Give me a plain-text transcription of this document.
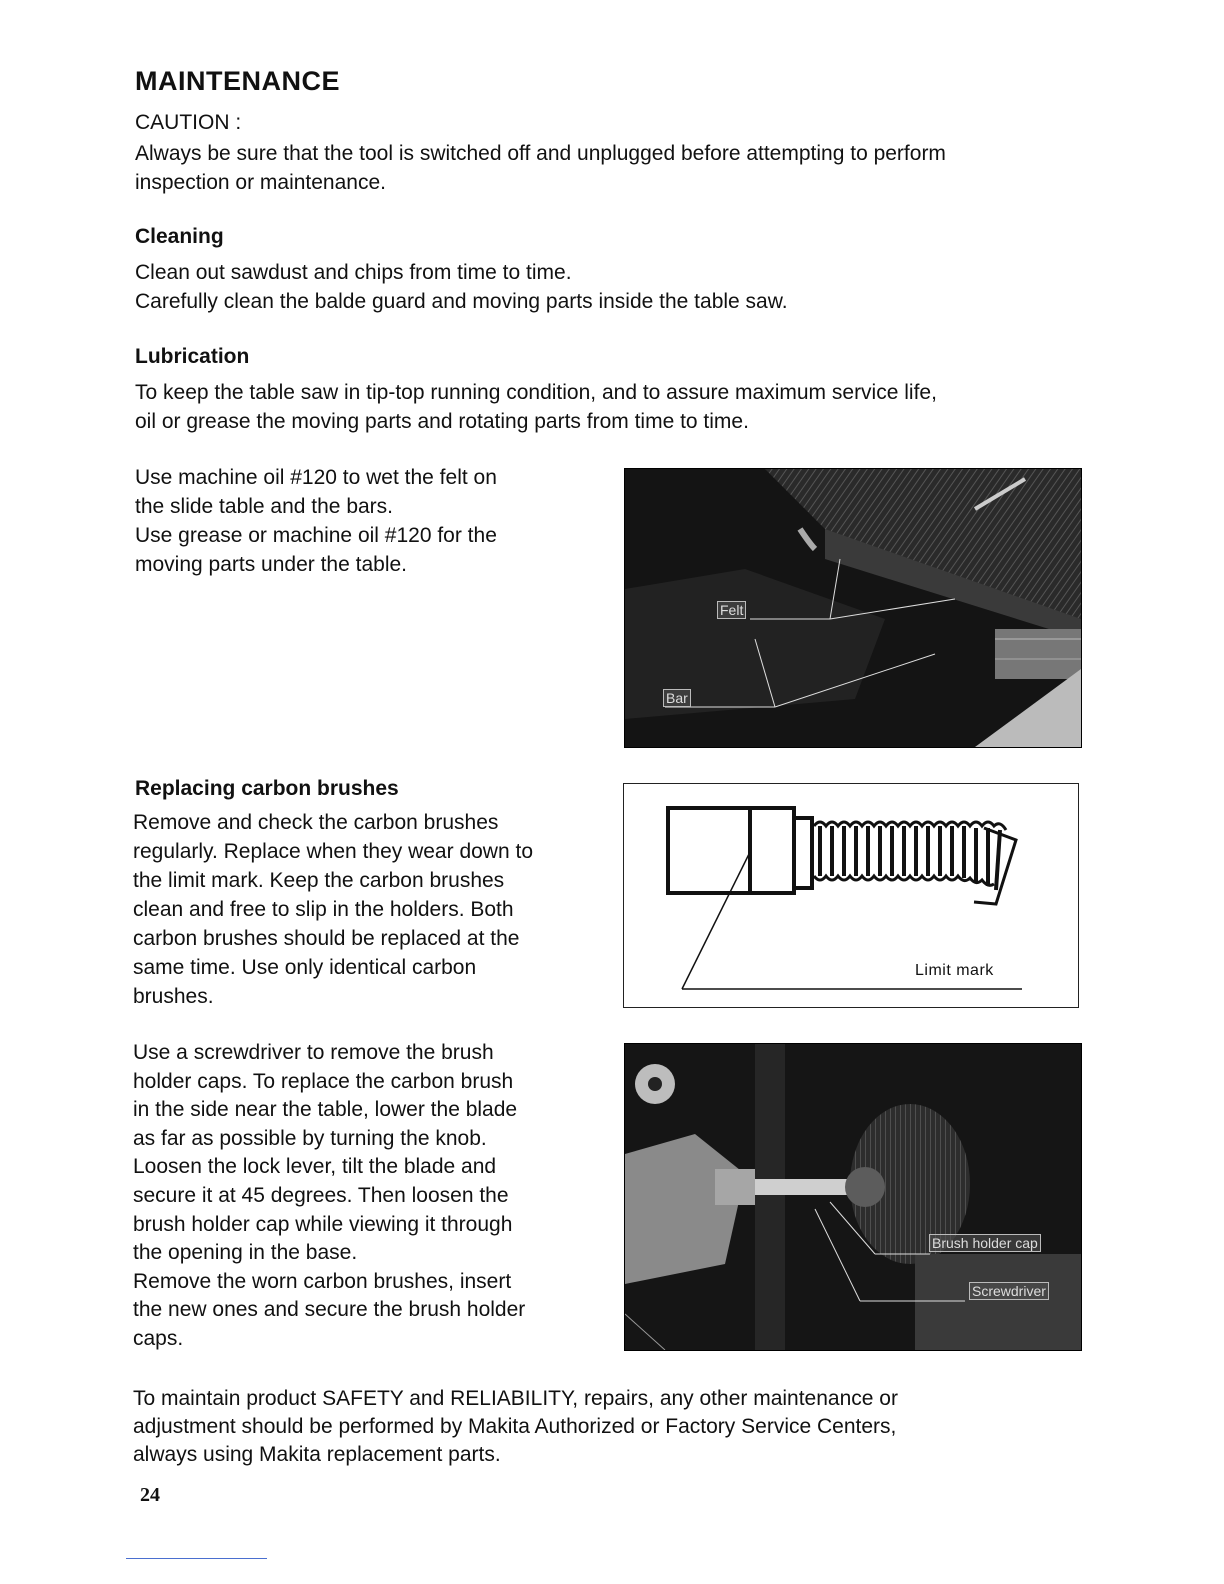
MAINTENANCE
CAUTION :
Always be sure that the tool is switched off and unplugged before attempting to perform
inspection or maintenance.
Cleaning
Clean out sawdust and chips from time to time.
Carefully clean the balde guard and moving parts inside the table saw.
Lubrication
To keep the table saw in tip-top running condition, and to assure maximum service life,
oil or grease the moving parts and rotating parts from time to time.
Use machine oil #120 to wet the felt on
the slide table and the bars.
Use grease or machine oil #120 for the
moving parts under the table.
Felt
Bar
Replacing carbon brushes
Remove and check the carbon brushes
regularly. Replace when they wear down to
the limit mark. Keep the carbon brushes
clean and free to slip in the holders. Both
carbon brushes should be replaced at the
same time. Use only identical carbon
brushes.
Limit mark
Use a screwdriver to remove the brush
holder caps. To replace the carbon brush
in the side near the table, lower the blade
as far as possible by turning the knob.
Loosen the lock lever, tilt the blade and
secure it at 45 degrees. Then loosen the
brush holder cap while viewing it through
the opening in the base.
Remove the worn carbon brushes, insert
the new ones and secure the brush holder
caps.
Brush holder cap
Screwdriver
To maintain product SAFETY and RELIABILITY, repairs, any other maintenance or
adjustment should be performed by Makita Authorized or Factory Service Centers,
always using Makita replacement parts.
24
